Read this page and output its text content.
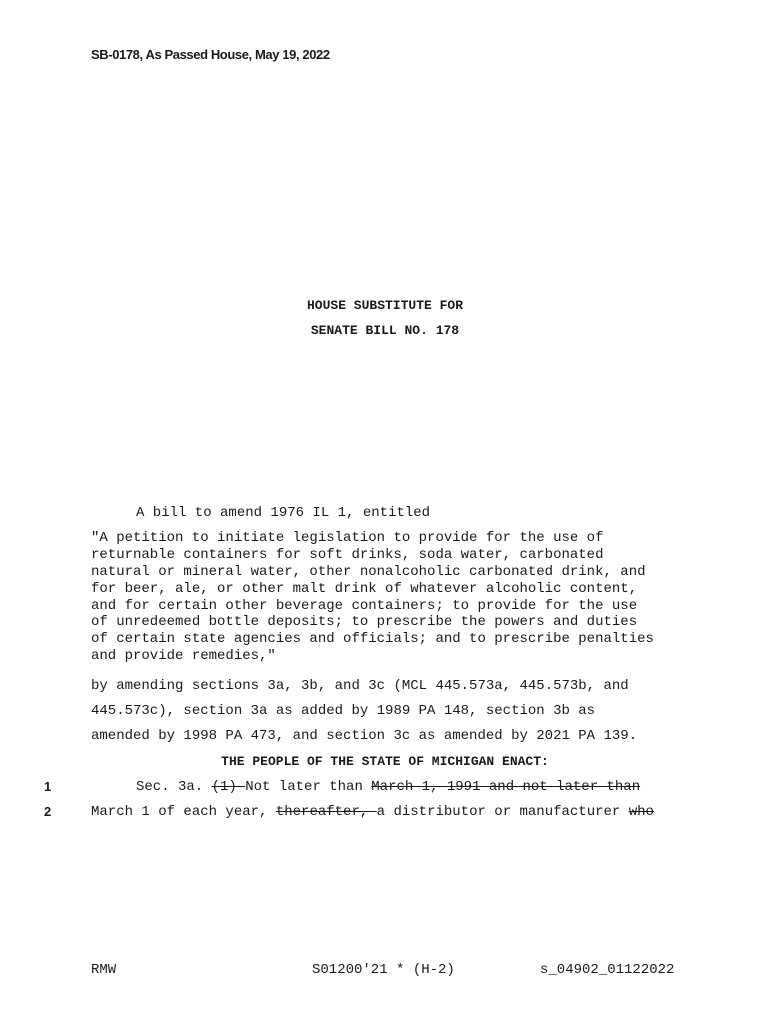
SB-0178, As Passed House, May 19, 2022
HOUSE SUBSTITUTE FOR
SENATE BILL NO. 178
A bill to amend 1976 IL 1, entitled
"A petition to initiate legislation to provide for the use of
returnable containers for soft drinks, soda water, carbonated
natural or mineral water, other nonalcoholic carbonated drink, and
for beer, ale, or other malt drink of whatever alcoholic content,
and for certain other beverage containers; to provide for the use
of unredeemed bottle deposits; to prescribe the powers and duties
of certain state agencies and officials; and to prescribe penalties
and provide remedies,"
by amending sections 3a, 3b, and 3c (MCL 445.573a, 445.573b, and
445.573c), section 3a as added by 1989 PA 148, section 3b as
amended by 1998 PA 473, and section 3c as amended by 2021 PA 139.
THE PEOPLE OF THE STATE OF MICHIGAN ENACT:
1	Sec. 3a. (1) Not later than March 1, 1991 and not later than
2	March 1 of each year, thereafter, a distributor or manufacturer who
RMW	S01200'21 * (H-2)	s_04902_01122022
